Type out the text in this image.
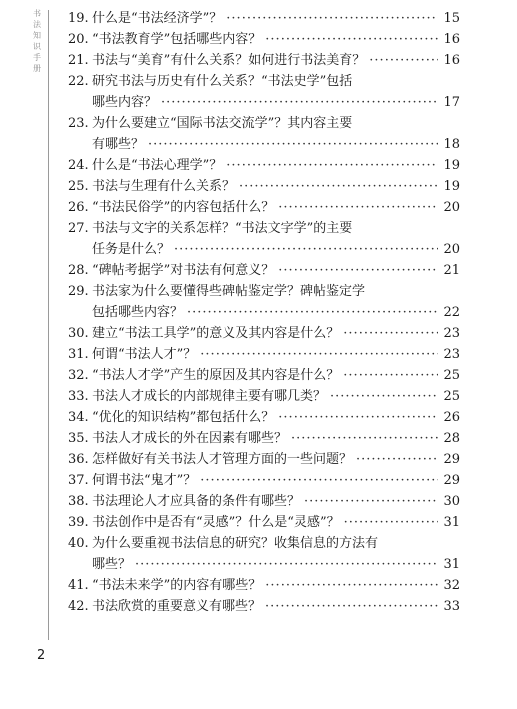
书法知识手册
19. 什么是“书法经济学”？ ·····	15
20. “书法教育学”包括哪些内容？ ·····	16
21. 书法与“美育”有什么关系？如何进行书法美育？ ·····	16
22. 研究书法与历史有什么关系？“书法史学”包括
哪些内容？ ·····	17
23. 为什么要建立“国际书法交流学”？其内容主要
有哪些？ ·····	18
24. 什么是“书法心理学”？ ·····	19
25. 书法与生理有什么关系？ ·····	19
26. “书法民俗学”的内容包括什么？ ·····	20
27. 书法与文字的关系怎样？“书法文字学”的主要
任务是什么？ ·····	20
28. “碑帖考据学”对书法有何意义？ ·····	21
29. 书法家为什么要懂得些碑帖鉴定学？碑帖鉴定学
包括哪些内容？ ·····	22
30. 建立“书法工具学”的意义及其内容是什么？ ·····	23
31. 何谓“书法人才”？ ·····	23
32. “书法人才学”产生的原因及其内容是什么？ ·····	25
33. 书法人才成长的内部规律主要有哪几类？ ·····	25
34. “优化的知识结构”都包括什么？ ·····	26
35. 书法人才成长的外在因素有哪些？ ·····	28
36. 怎样做好有关书法人才管理方面的一些问题？ ·····	29
37. 何谓书法“鬼才”？ ·····	29
38. 书法理论人才应具备的条件有哪些？ ·····	30
39. 书法创作中是否有“灵感”？什么是“灵感”？ ·····	31
40. 为什么要重视书法信息的研究？收集信息的方法有
哪些？ ·····	31
41. “书法未来学”的内容有哪些？ ·····	32
42. 书法欣赏的重要意义有哪些？ ·····	33
2
